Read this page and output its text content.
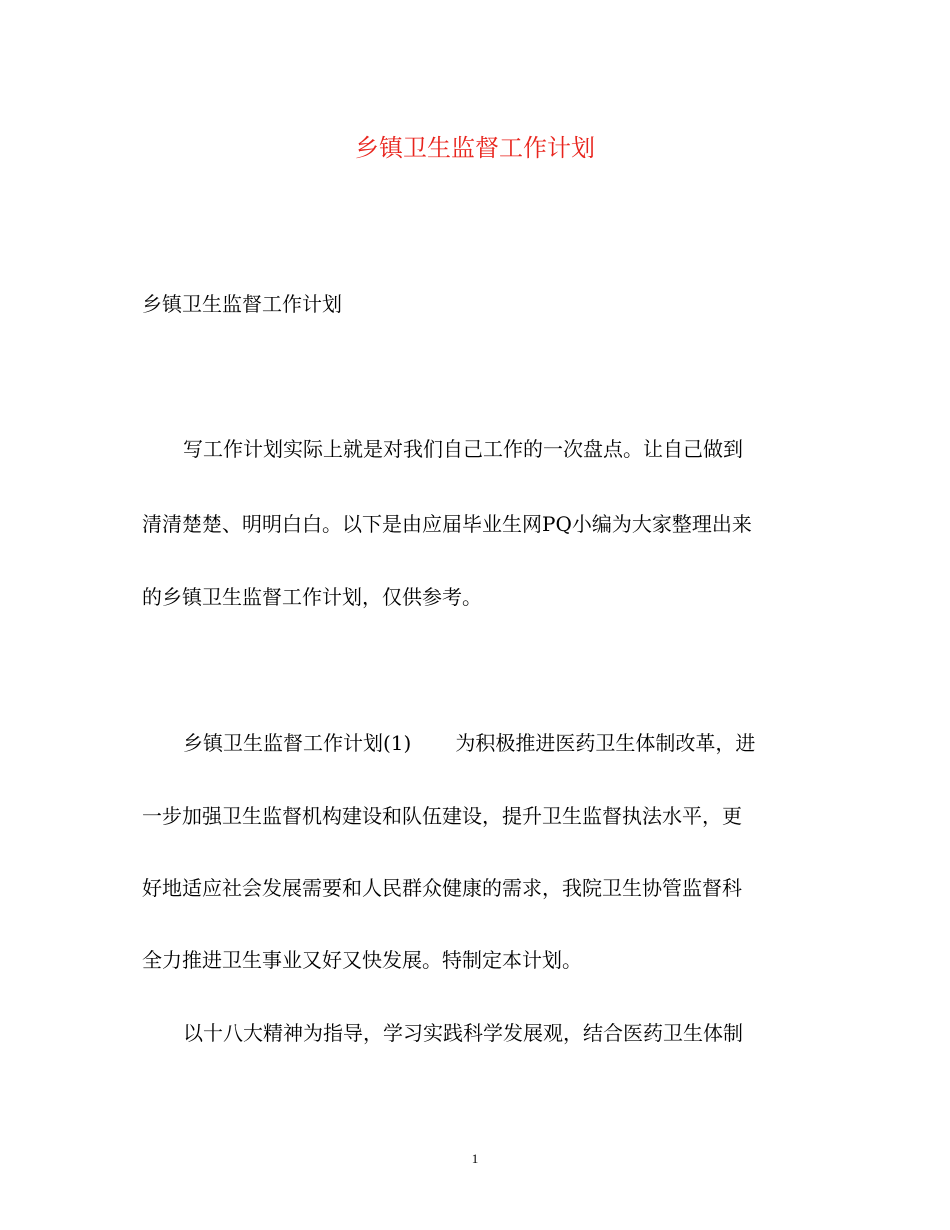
乡镇卫生监督工作计划
乡镇卫生监督工作计划
写工作计划实际上就是对我们自己工作的一次盘点。让自己做到
清清楚楚、明明白白。以下是由应届毕业生网PQ小编为大家整理出来
的乡镇卫生监督工作计划，仅供参考。
乡镇卫生监督工作计划(1) 为积极推进医药卫生体制改革，进
一步加强卫生监督机构建设和队伍建设，提升卫生监督执法水平，更
好地适应社会发展需要和人民群众健康的需求，我院卫生协管监督科
全力推进卫生事业又好又快发展。特制定本计划。
以十八大精神为指导，学习实践科学发展观，结合医药卫生体制
1
